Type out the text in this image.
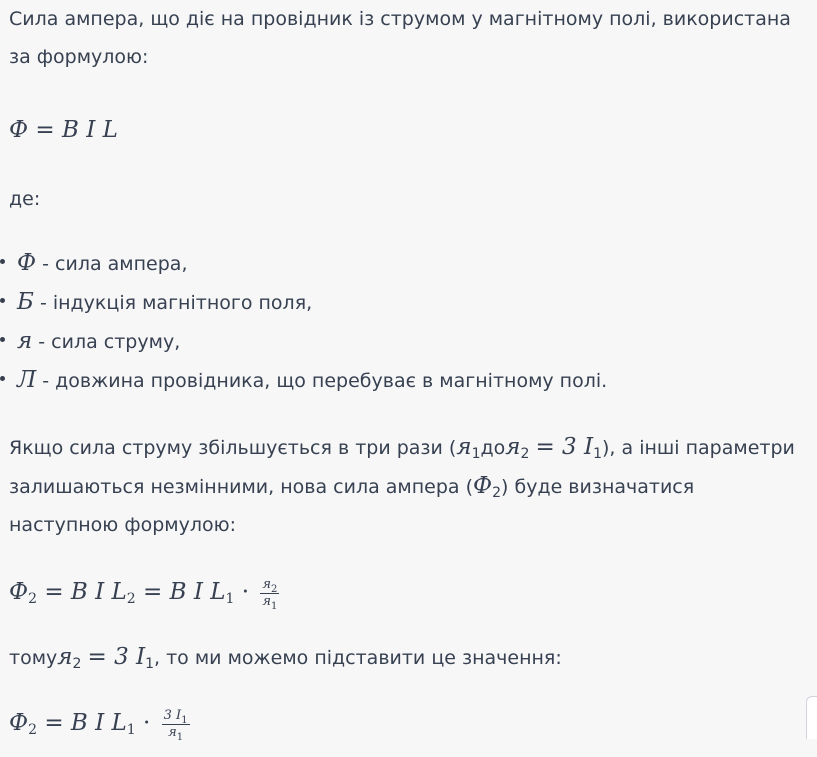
Сила ампера, що діє на провідник із струмом у магнітному полі, використана за формулою:

Ф = B I L

де:

Ф - сила ампера,
Б - індукція магнітного поля,
я - сила струму,
Л - довжина провідника, що перебуває в магнітному полі.

Якщо сила струму збільшується в три рази ($я_1доя_2 = 3$ $I_1$), а інші параметри залишаються незмінними, нова сила ампера $(Ф_2)$ буде визначатися наступною формулою:

$Ф_2 = B$ I $L_2 = B$ I $L_1 \cdot \frac{я_2}{я_1}$

томуя$_2$ = 3 $I_1$, то ми можемо підставити це значення:

$Ф_2 = B$ I $L_1 \cdot \frac{3 I_1}{я_1}$
